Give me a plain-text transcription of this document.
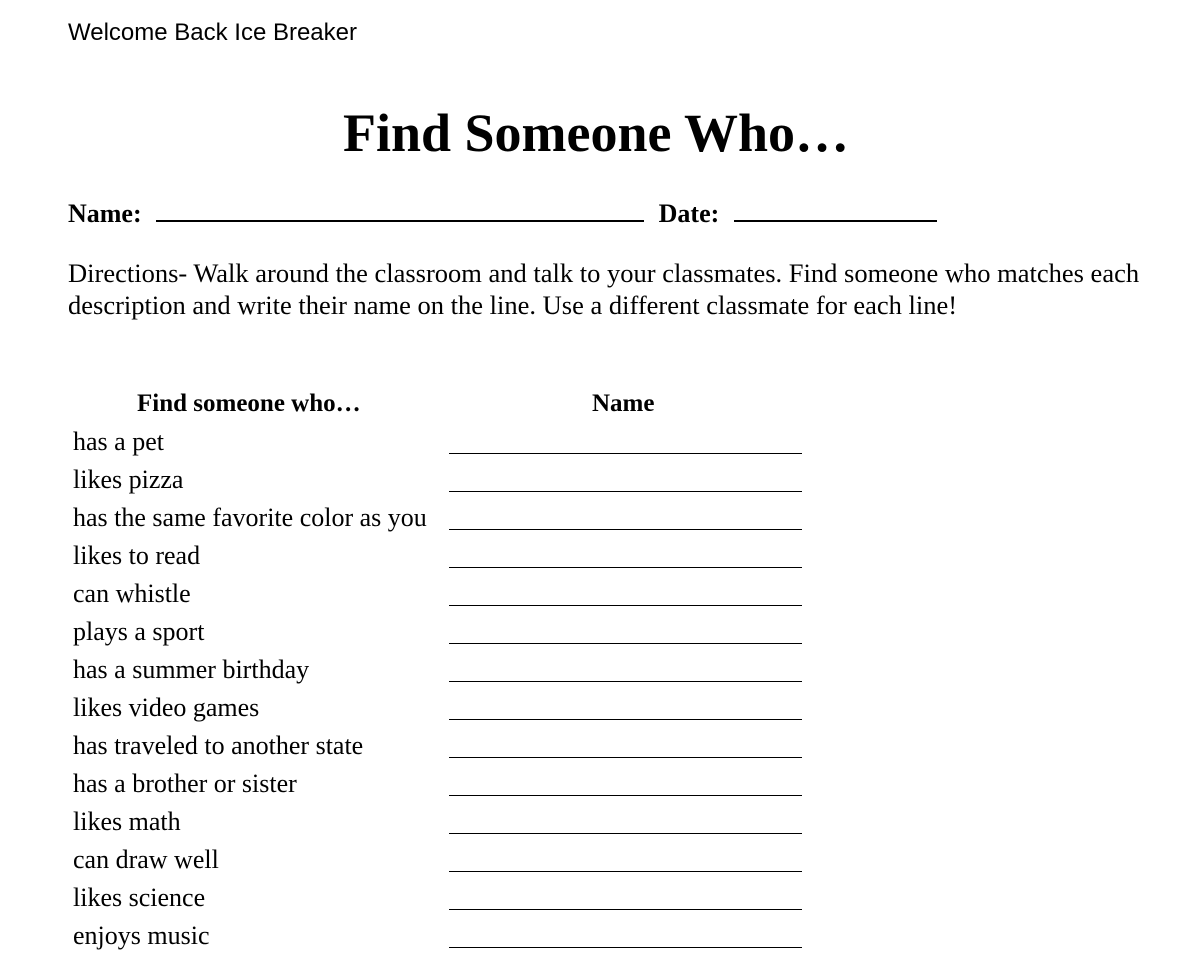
Welcome Back Ice Breaker
Find Someone Who…
Name:	Date:
Directions- Walk around the classroom and talk to your classmates. Find someone who matches each description and write their name on the line. Use a different classmate for each line!
Find someone who…	Name
has a pet
likes pizza
has the same favorite color as you
likes to read
can whistle
plays a sport
has a summer birthday
likes video games
has traveled to another state
has a brother or sister
likes math
can draw well
likes science
enjoys music
